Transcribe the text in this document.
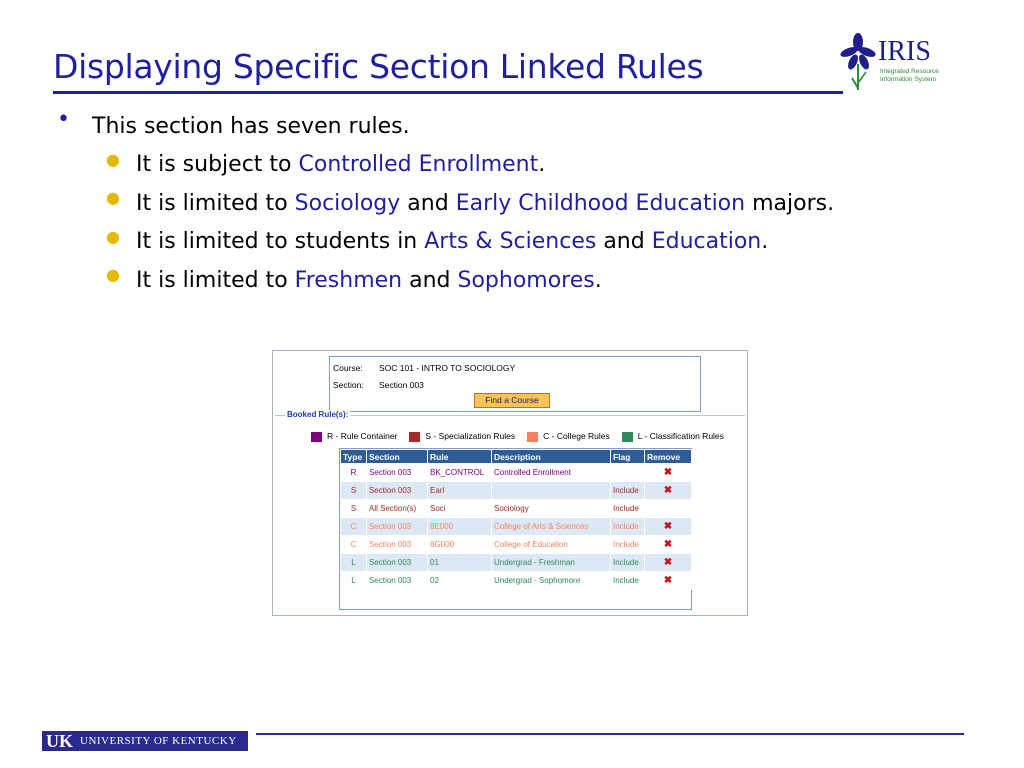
Displaying Specific Section Linked Rules	IRIS
Integrated Resource
Information System
• This section has seven rules.
● It is subject to Controlled Enrollment.
● It is limited to Sociology and Early Childhood Education majors.
● It is limited to students in Arts & Sciences and Education.
● It is limited to Freshmen and Sophomores.
Course: SOC 101 - INTRO TO SOCIOLOGY
Section: Section 003
Find a Course
Booked Rule(s):
R - Rule Container	S - Specialization Rules	C - College Rules	L - Classification Rules
Type	Section	Rule	Description	Flag	Remove
R	Section 003	BK_CONTROL	Controlled Enrollment		✖
S	Section 003	Earl		Include	✖
S	All Section(s)	Soci	Sociology	Include	
C	Section 003	8E000	College of Arts & Sciences	Include	✖
C	Section 003	8G000	College of Education	Include	✖
L	Section 003	01	Undergrad - Freshman	Include	✖
L	Section 003	02	Undergrad - Sophomore	Include	✖
UK UNIVERSITY OF KENTUCKY
